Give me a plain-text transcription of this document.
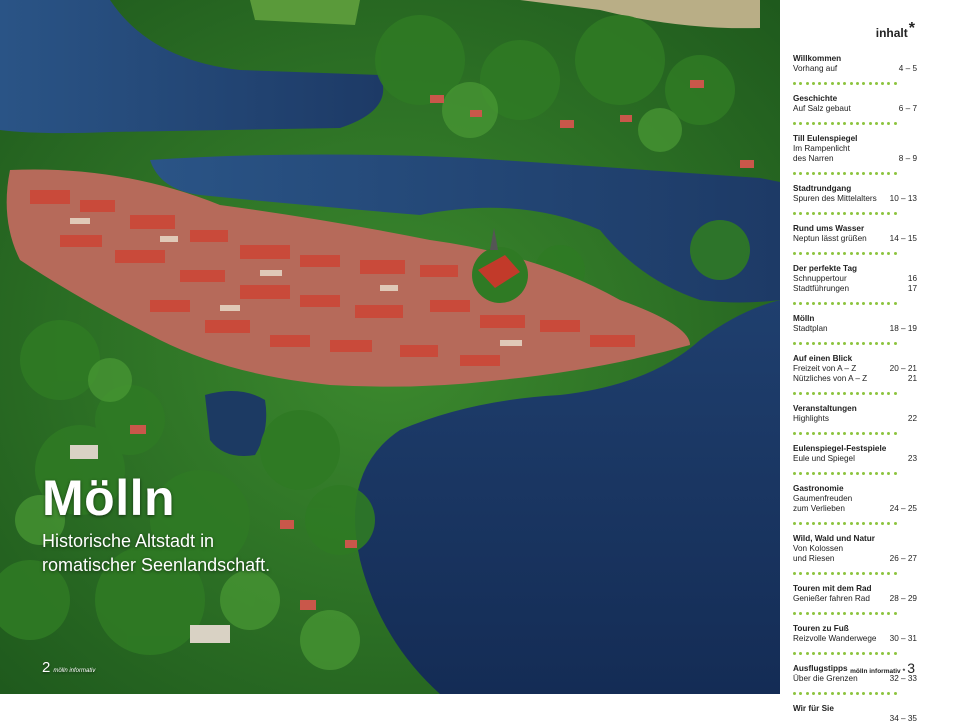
Mölln

Historische Altstadt in

romatischer Seenlandschaft.

2 mölln informativ
inhalt*
Willkommen
Vorhang auf	4 – 5
Geschichte
Auf Salz gebaut	6 – 7
Till Eulenspiegel
Im Rampenlicht
des Narren	8 – 9
Stadtrundgang
Spuren des Mittelalters 10 – 13
Rund ums Wasser
Neptun lässt grüßen	14 – 15
Der perfekte Tag
Schnuppertour	16
Stadtführungen	17
Mölln
Stadtplan	18 – 19
Auf einen Blick
Freizeit von A – Z	20 – 21
Nützliches von A – Z	21
Veranstaltungen
Highlights	22
Eulenspiegel-Festspiele
Eule und Spiegel	23
Gastronomie
Gaumenfreuden
zum Verlieben	24 – 25
Wild, Wald und Natur
Von Kolossen
und Riesen	26 – 27
Touren mit dem Rad
Genießer fahren Rad 28 – 29
Touren zu Fuß
Reizvolle Wanderwege 30 – 31
Ausflugstipps
Über die Grenzen	32 – 33
Wir für Sie
34 – 35
mölln informativ * 3
